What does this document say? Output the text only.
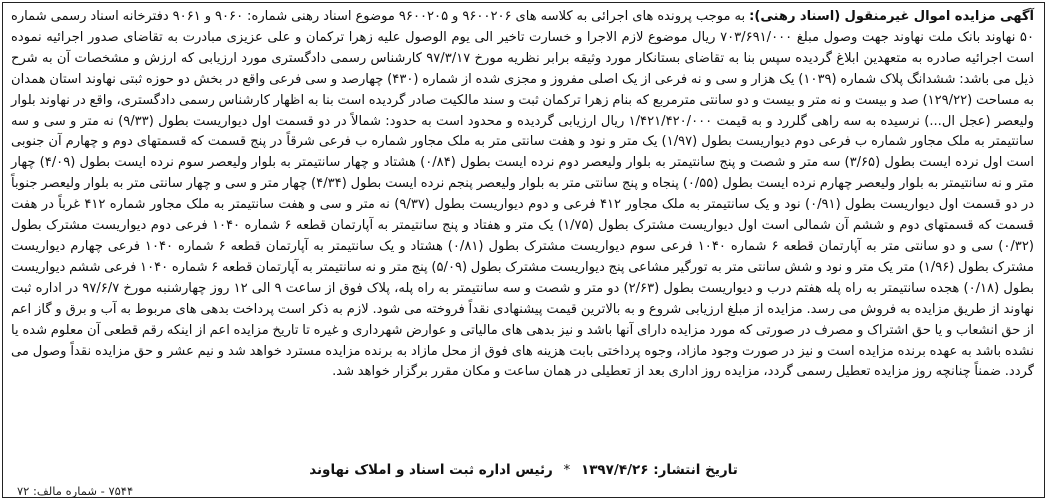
آگهی مزایده اموال غیرمنقول (اسناد رهنی): به موجب پرونده های اجرائی به کلاسه های ۹۶۰۰۲۰۶ و ۹۶۰۰۲۰۵ موضوع اسناد رهنی شماره: ۹۰۶۰ و ۹۰۶۱ دفترخانه اسناد رسمی شماره ۵۰ نهاوند بانک ملت نهاوند جهت وصول مبلغ ۷۰۳/۶۹۱/۰۰۰ ریال موضوع لازم الاجرا و خسارت تاخیر الی یوم الوصول علیه زهرا ترکمان و علی عزیزی مبادرت به تقاضای صدور اجرائیه نموده است اجرائیه صادره به متعهدین ابلاغ گردیده سپس بنا به تقاضای بستانکار مورد وثیقه برابر نظریه مورخ ۹۷/۳/۱۷ کارشناس رسمی دادگستری مورد ارزیابی که ارزش و مشخصات آن به شرح ذیل می باشد: ششدانگ پلاک شماره (۱۰۳۹) یک هزار و سی و نه فرعی از یک اصلی مفروز و مجزی شده از شماره (۴۳۰) چهارصد و سی فرعی واقع در بخش دو حوزه ثبتی نهاوند استان همدان به مساحت (۱۲۹/۲۲) صد و بیست و نه متر و بیست و دو سانتی مترمربع که بنام زهرا ترکمان ثبت و سند مالکیت صادر گردیده است بنا به اظهار کارشناس رسمی دادگستری، واقع در نهاوند بلوار ولیعصر (عجل ال...) نرسیده به سه راهی گلررد و به قیمت ۱/۴۲۱/۴۲۰/۰۰۰ ریال ارزیابی گردیده و محدود است به حدود: شمالاً در دو قسمت اول دیواریست بطول (۹/۳۳) نه متر و سی و سه سانتیمتر به ملک مجاور شماره ب فرعی دوم دیواریست بطول (۱/۹۷) یک متر و نود و هفت سانتی متر به ملک مجاور شماره ب فرعی شرقاً در پنج قسمت که قسمتهای دوم و چهارم آن جنوبی است اول نرده ایست بطول (۳/۶۵) سه متر و شصت و پنج سانتیمتر به بلوار ولیعصر دوم نرده ایست بطول (۰/۸۴) هشتاد و چهار سانتیمتر به بلوار ولیعصر سوم نرده ایست بطول (۴/۰۹) چهار متر و نه سانتیمتر به بلوار ولیعصر چهارم نرده ایست بطول (۰/۵۵) پنجاه و پنج سانتی متر به بلوار ولیعصر پنجم نرده ایست بطول (۴/۳۴) چهار متر و سی و چهار سانتی متر به بلوار ولیعصر جنوباً در دو قسمت اول دیواریست بطول (۰/۹۱) نود و یک سانتیمتر به ملک مجاور ۴۱۲ فرعی و دوم دیواریست بطول (۹/۳۷) نه متر و سی و هفت سانتیمتر به ملک مجاور شماره ۴۱۲ غرباً در هفت قسمت که قسمتهای دوم و ششم آن شمالی است اول دیواریست مشترک بطول (۱/۷۵) یک متر و هفتاد و پنج سانتیمتر به آپارتمان قطعه ۶ شماره ۱۰۴۰ فرعی دوم دیواریست مشترک بطول (۰/۳۲) سی و دو سانتی متر به آپارتمان قطعه ۶ شماره ۱۰۴۰ فرعی سوم دیواریست مشترک بطول (۰/۸۱) هشتاد و یک سانتیمتر به آپارتمان قطعه ۶ شماره ۱۰۴۰ فرعی چهارم دیواریست مشترک بطول (۱/۹۶) متر یک متر و نود و شش سانتی متر به تورگیر مشاعی پنج دیواریست مشترک بطول (۵/۰۹) پنج متر و نه سانتیمتر به آپارتمان قطعه ۶ شماره ۱۰۴۰ فرعی ششم دیواریست بطول (۰/۱۸) هجده سانتیمتر به راه پله هفتم درب و دیواریست بطول (۲/۶۳) دو متر و شصت و سه سانتیمتر به راه پله، پلاک فوق از ساعت ۹ الی ۱۲ روز چهارشنبه مورخ ۹۷/۶/۷ در اداره ثبت نهاوند از طریق مزایده به فروش می رسد. مزایده از مبلغ ارزیابی شروع و به بالاترین قیمت پیشنهادی نقداً فروخته می شود. لازم به ذکر است پرداخت بدهی های مربوط به آب و برق و گاز اعم از حق انشعاب و یا حق اشتراک و مصرف در صورتی که مورد مزایده دارای آنها باشد و نیز بدهی های مالیاتی و عوارض شهرداری و غیره تا تاریخ مزایده اعم از اینکه رقم قطعی آن معلوم شده یا نشده باشد به عهده برنده مزایده است و نیز در صورت وجود مازاد، وجوه پرداختی بابت هزینه های فوق از محل مازاد به برنده مزایده مسترد خواهد شد و نیم عشر و حق مزایده نقداً وصول می گردد. ضمناً چنانچه روز مزایده تعطیل رسمی گردد، مزایده روز اداری بعد از تعطیلی در همان ساعت و مکان مقرر برگزار خواهد شد.
تاریخ انتشار: ۱۳۹۷/۴/۲۶ * رئیس اداره ثبت اسناد و املاک نهاوند
۷۵۴۴ - شماره مالف: ۷۲
